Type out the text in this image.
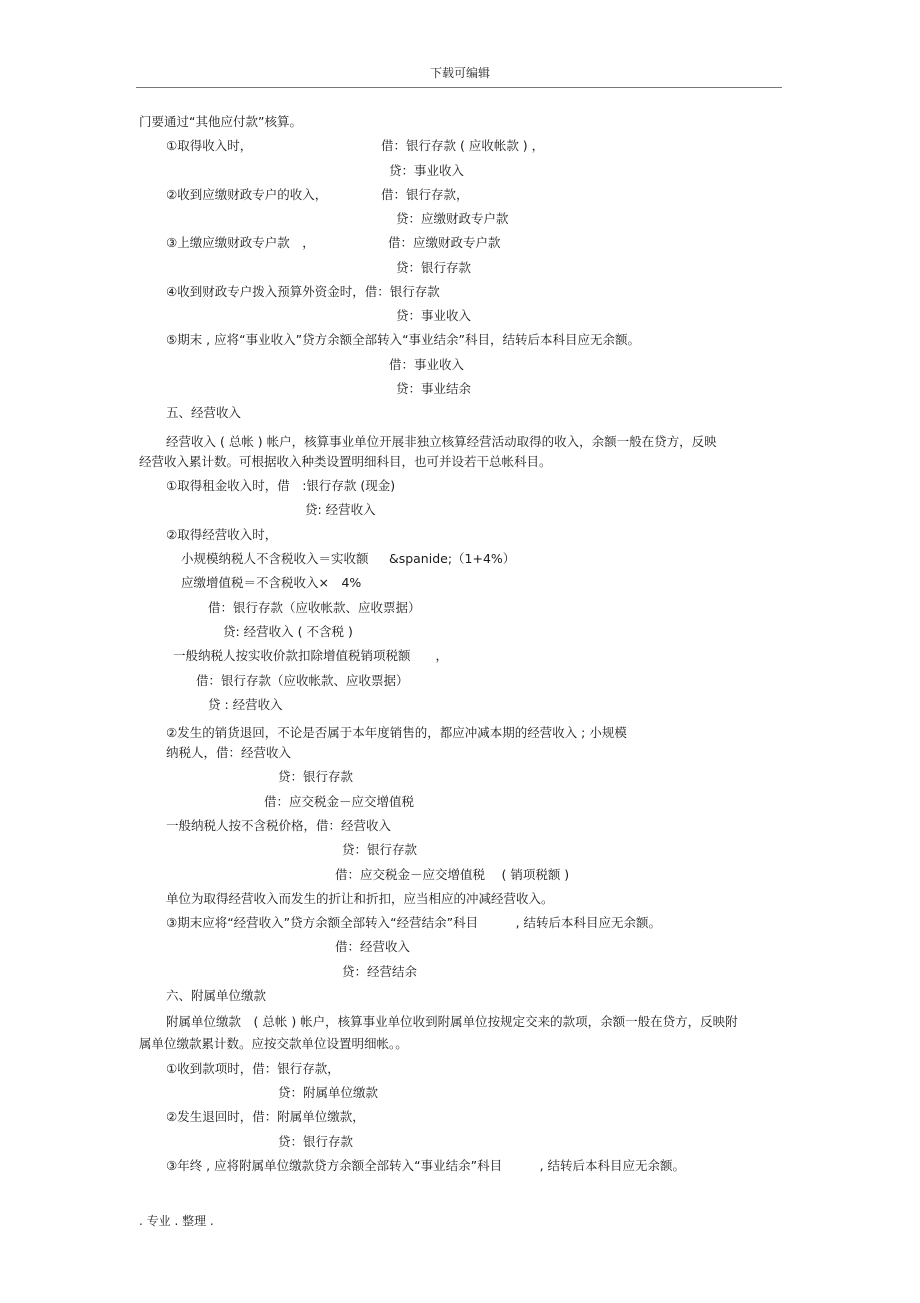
下载可编辑
门要通过“其他应付款”核算。
①取得收入时，	借：银行存款 ( 应收帐款 ) ，
贷：事业收入
②收到应缴财政专户的收入，	借：银行存款，
贷：应缴财政专户款
③上缴应缴财政专户款　，	借：应缴财政专户款
贷：银行存款
④收到财政专户拨入预算外资金时，借：银行存款
贷：事业收入
⑤期末 , 应将“事业收入”贷方余额全部转入“事业结余”科目，结转后本科目应无余额。
借：事业收入
贷：事业结余
五、经营收入
经营收入 ( 总帐 ) 帐户，核算事业单位开展非独立核算经营活动取得的收入，余额一般在贷方，反映
经营收入累计数。可根据收入种类设置明细科目，也可并设若干总帐科目。
①取得租金收入时，借　:银行存款 (现金)
贷: 经营收入
②取得经营收入时，
小规模纳税人不含税收入＝实收额　  &spanide;（1+4%）
应缴增值税＝不含税收入×　4%
借：银行存款（应收帐款、应收票据）
贷: 经营收入 ( 不含税 )
一般纳税人按实收价款扣除增值税销项税额　　，
借：银行存款（应收帐款、应收票据）
贷 : 经营收入
②发生的销货退回，不论是否属于本年度销售的，都应冲减本期的经营收入 ; 小规模
纳税人，借：经营收入
贷：银行存款
借：应交税金－应交增值税
一般纳税人按不含税价格，借：经营收入
贷：银行存款
借：应交税金－应交增值税　 ( 销项税额 )
单位为取得经营收入而发生的折让和折扣，应当相应的冲减经营收入。
③期末应将“经营收入”贷方余额全部转入“经营结余”科目　　　, 结转后本科目应无余额。
借：经营收入
贷：经营结余
六、附属单位缴款
附属单位缴款　( 总帐 ) 帐户，核算事业单位收到附属单位按规定交来的款项，余额一般在贷方，反映附
属单位缴款累计数。应按交款单位设置明细帐。。
①收到款项时，借：银行存款，
贷：附属单位缴款
②发生退回时，借：附属单位缴款，
贷：银行存款
③年终 , 应将附属单位缴款贷方余额全部转入“事业结余”科目　　　, 结转后本科目应无余额。
. 专业 . 整理 .
